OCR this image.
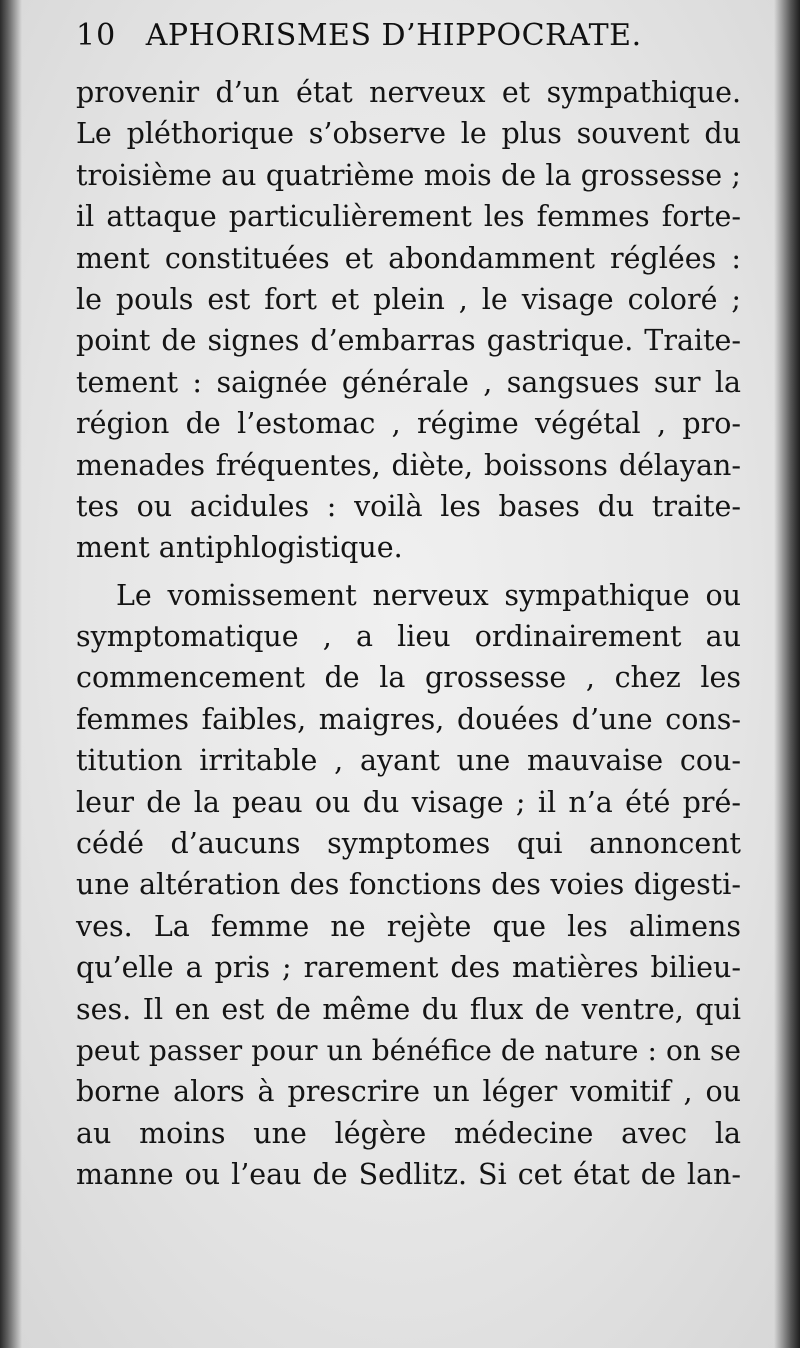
10 APHORISMES D’HIPPOCRATE.
provenir d’un état nerveux et sympathique.
Le pléthorique s’observe le plus souvent du
troisième au quatrième mois de la grossesse ;
il attaque particulièrement les femmes forte-
ment constituées et abondamment réglées :
le pouls est fort et plein , le visage coloré ;
point de signes d’embarras gastrique. Traite-
tement : saignée générale , sangsues sur la
région de l’estomac , régime végétal , pro-
menades fréquentes, diète, boissons délayan-
tes ou acidules : voilà les bases du traite-
ment antiphlogistique.
Le vomissement nerveux sympathique ou
symptomatique , a lieu ordinairement au
commencement de la grossesse , chez les
femmes faibles, maigres, douées d’une cons-
titution irritable , ayant une mauvaise cou-
leur de la peau ou du visage ; il n’a été pré-
cédé d’aucuns symptomes qui annoncent
une altération des fonctions des voies digesti-
ves. La femme ne rejète que les alimens
qu’elle a pris ; rarement des matières bilieu-
ses. Il en est de même du flux de ventre, qui
peut passer pour un bénéfice de nature : on se
borne alors à prescrire un léger vomitif , ou
au moins une légère médecine avec la
manne ou l’eau de Sedlitz. Si cet état de lan-
